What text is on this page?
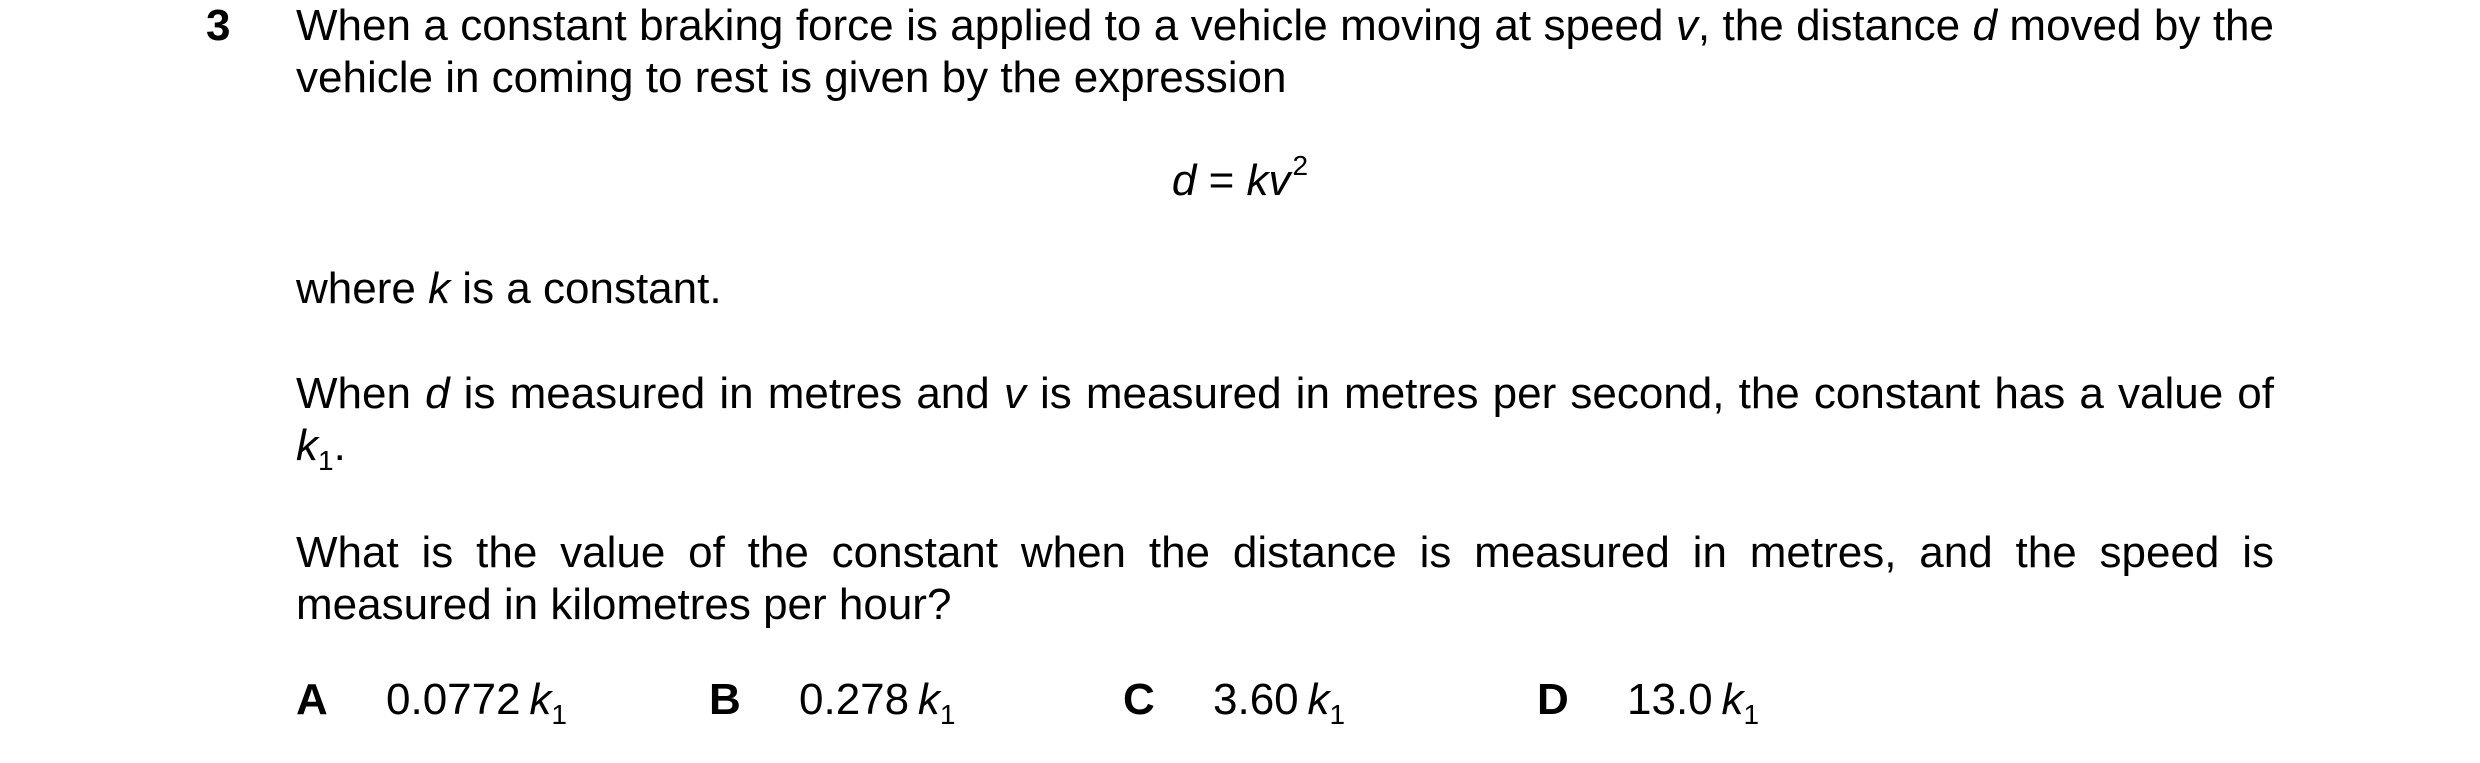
3 When a constant braking force is applied to a vehicle moving at speed v, the distance d moved by the vehicle in coming to rest is given by the expression
$d = kv^2$
where k is a constant.
When d is measured in metres and v is measured in metres per second, the constant has a value of $k_1$.
What is the value of the constant when the distance is measured in metres, and the speed is measured in kilometres per hour?
A 0.0772  $k_1$	B 0.278  $k_1$	C 3.60  $k_1$	D 13.0  $k_1$
